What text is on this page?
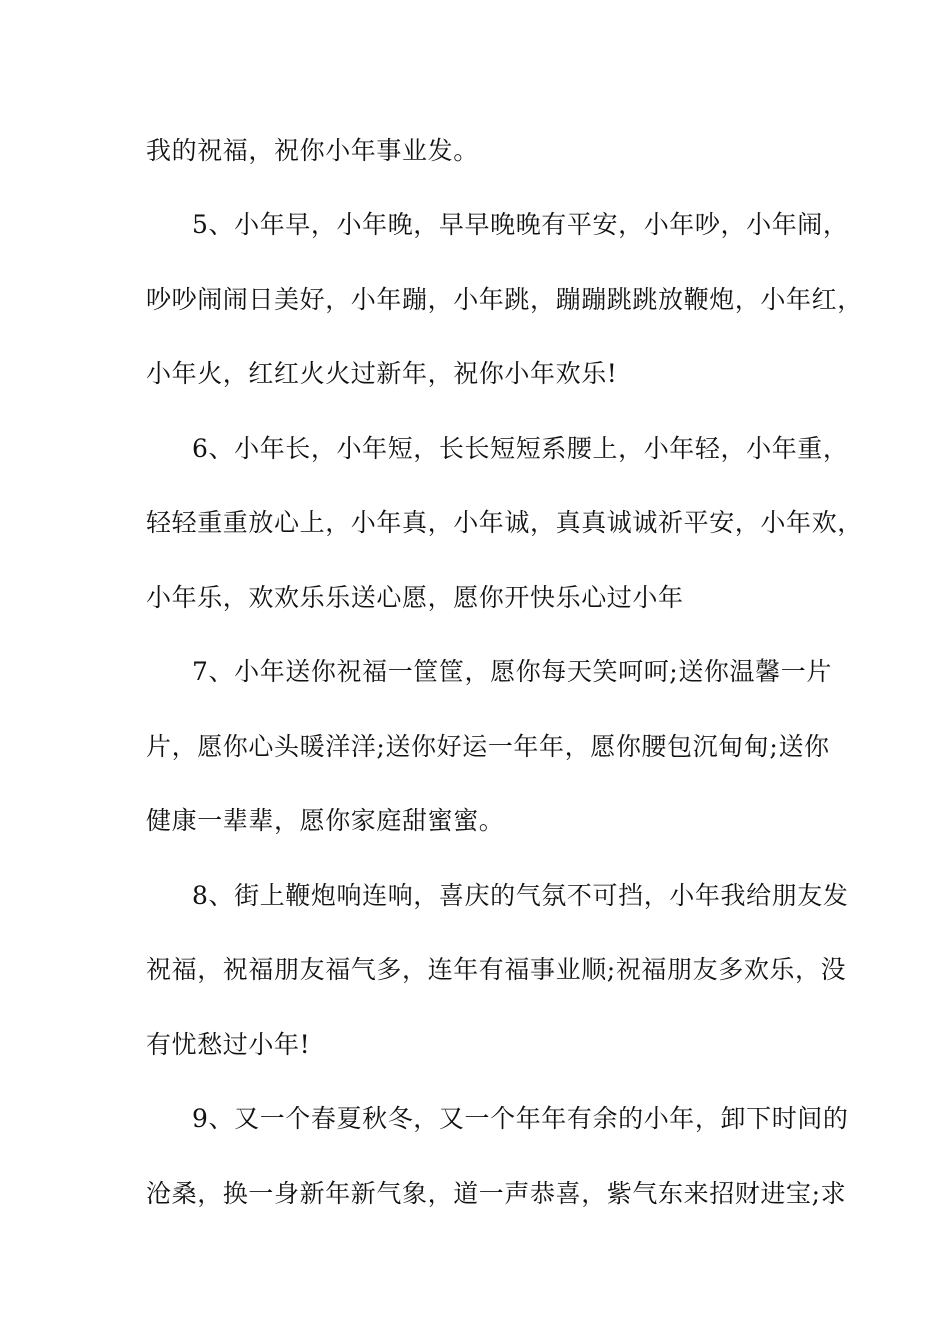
我的祝福，祝你小年事业发。
5、小年早，小年晚，早早晚晚有平安，小年吵，小年闹，
吵吵闹闹日美好，小年蹦，小年跳，蹦蹦跳跳放鞭炮，小年红，
小年火，红红火火过新年，祝你小年欢乐!
6、小年长，小年短，长长短短系腰上，小年轻，小年重，
轻轻重重放心上，小年真，小年诚，真真诚诚祈平安，小年欢，
小年乐，欢欢乐乐送心愿，愿你开快乐心过小年
7、小年送你祝福一筐筐，愿你每天笑呵呵;送你温馨一片
片，愿你心头暖洋洋;送你好运一年年，愿你腰包沉甸甸;送你
健康一辈辈，愿你家庭甜蜜蜜。
8、街上鞭炮响连响，喜庆的气氛不可挡，小年我给朋友发
祝福，祝福朋友福气多，连年有福事业顺;祝福朋友多欢乐，没
有忧愁过小年!
9、又一个春夏秋冬，又一个年年有余的小年，卸下时间的
沧桑，换一身新年新气象，道一声恭喜，紫气东来招财进宝;求
